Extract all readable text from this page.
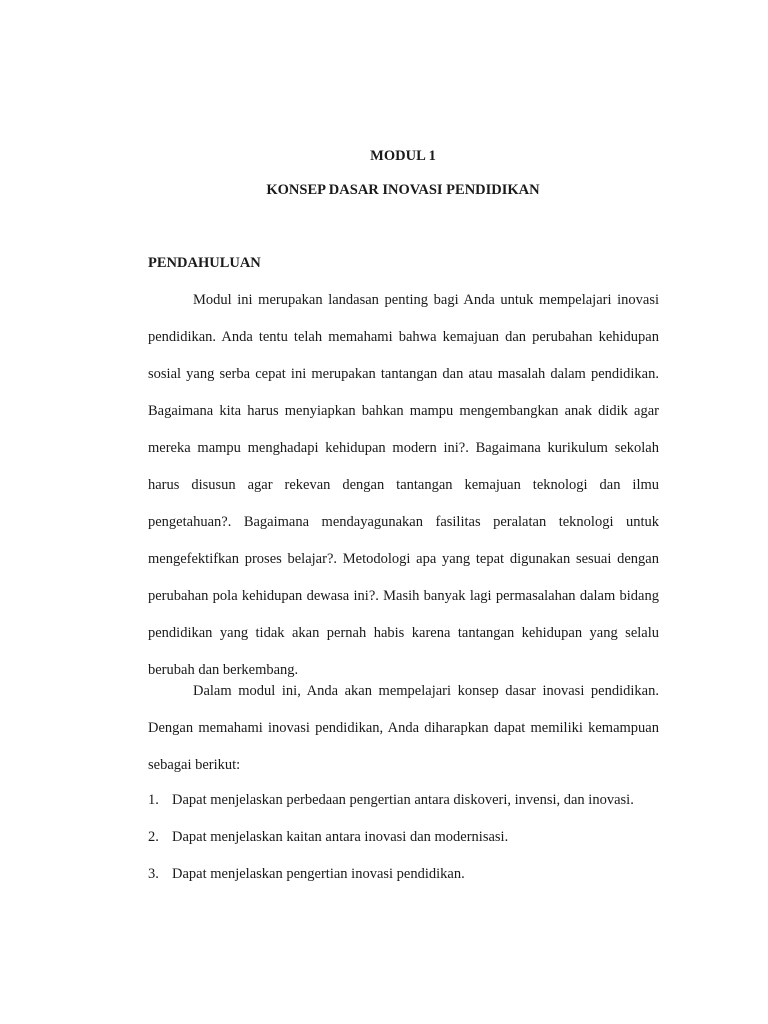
MODUL 1
KONSEP DASAR INOVASI PENDIDIKAN
PENDAHULUAN

Modul ini merupakan landasan penting bagi Anda untuk mempelajari inovasi pendidikan. Anda tentu telah memahami bahwa kemajuan dan perubahan kehidupan sosial yang serba cepat ini merupakan tantangan dan atau masalah dalam pendidikan. Bagaimana kita harus menyiapkan bahkan mampu mengembangkan anak didik agar mereka mampu menghadapi kehidupan modern ini?. Bagaimana kurikulum sekolah harus disusun agar rekevan dengan tantangan kemajuan teknologi dan ilmu pengetahuan?. Bagaimana mendayagunakan fasilitas peralatan teknologi untuk mengefektifkan proses belajar?. Metodologi apa yang tepat digunakan sesuai dengan perubahan pola kehidupan dewasa ini?. Masih banyak lagi permasalahan dalam bidang pendidikan yang tidak akan pernah habis karena tantangan kehidupan yang selalu berubah dan berkembang.

Dalam modul ini, Anda akan mempelajari konsep dasar inovasi pendidikan. Dengan memahami inovasi pendidikan, Anda diharapkan dapat memiliki kemampuan sebagai berikut:

1. Dapat menjelaskan perbedaan pengertian antara diskoveri, invensi, dan inovasi.
2. Dapat menjelaskan kaitan antara inovasi dan modernisasi.
3. Dapat menjelaskan pengertian inovasi pendidikan.
